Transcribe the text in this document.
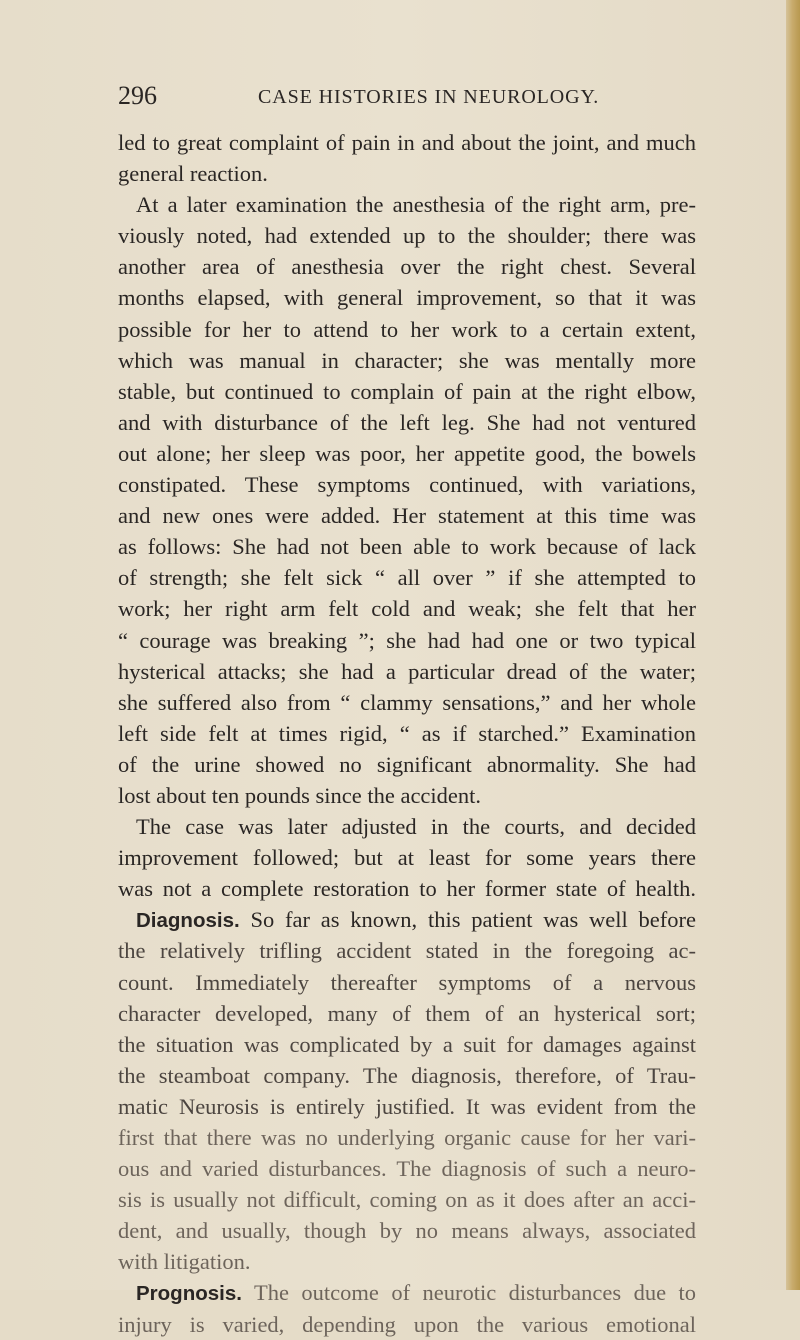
296	CASE HISTORIES IN NEUROLOGY.
led to great complaint of pain in and about the joint, and much
general reaction.
At a later examination the anesthesia of the right arm, pre-
viously noted, had extended up to the shoulder; there was
another area of anesthesia over the right chest. Several
months elapsed, with general improvement, so that it was
possible for her to attend to her work to a certain extent,
which was manual in character; she was mentally more
stable, but continued to complain of pain at the right elbow,
and with disturbance of the left leg. She had not ventured
out alone; her sleep was poor, her appetite good, the bowels
constipated. These symptoms continued, with variations,
and new ones were added. Her statement at this time was
as follows: She had not been able to work because of lack
of strength; she felt sick “ all over ” if she attempted to
work; her right arm felt cold and weak; she felt that her
“ courage was breaking ”; she had had one or two typical
hysterical attacks; she had a particular dread of the water;
she suffered also from “ clammy sensations,” and her whole
left side felt at times rigid, “ as if starched.” Examination
of the urine showed no significant abnormality. She had
lost about ten pounds since the accident.
The case was later adjusted in the courts, and decided
improvement followed; but at least for some years there
was not a complete restoration to her former state of health.
Diagnosis. So far as known, this patient was well before
the relatively trifling accident stated in the foregoing ac-
count. Immediately thereafter symptoms of a nervous
character developed, many of them of an hysterical sort;
the situation was complicated by a suit for damages against
the steamboat company. The diagnosis, therefore, of Trau-
matic Neurosis is entirely justified. It was evident from the
first that there was no underlying organic cause for her vari-
ous and varied disturbances. The diagnosis of such a neuro-
sis is usually not difficult, coming on as it does after an acci-
dent, and usually, though by no means always, associated
with litigation.
Prognosis. The outcome of neurotic disturbances due to
injury is varied, depending upon the various emotional
